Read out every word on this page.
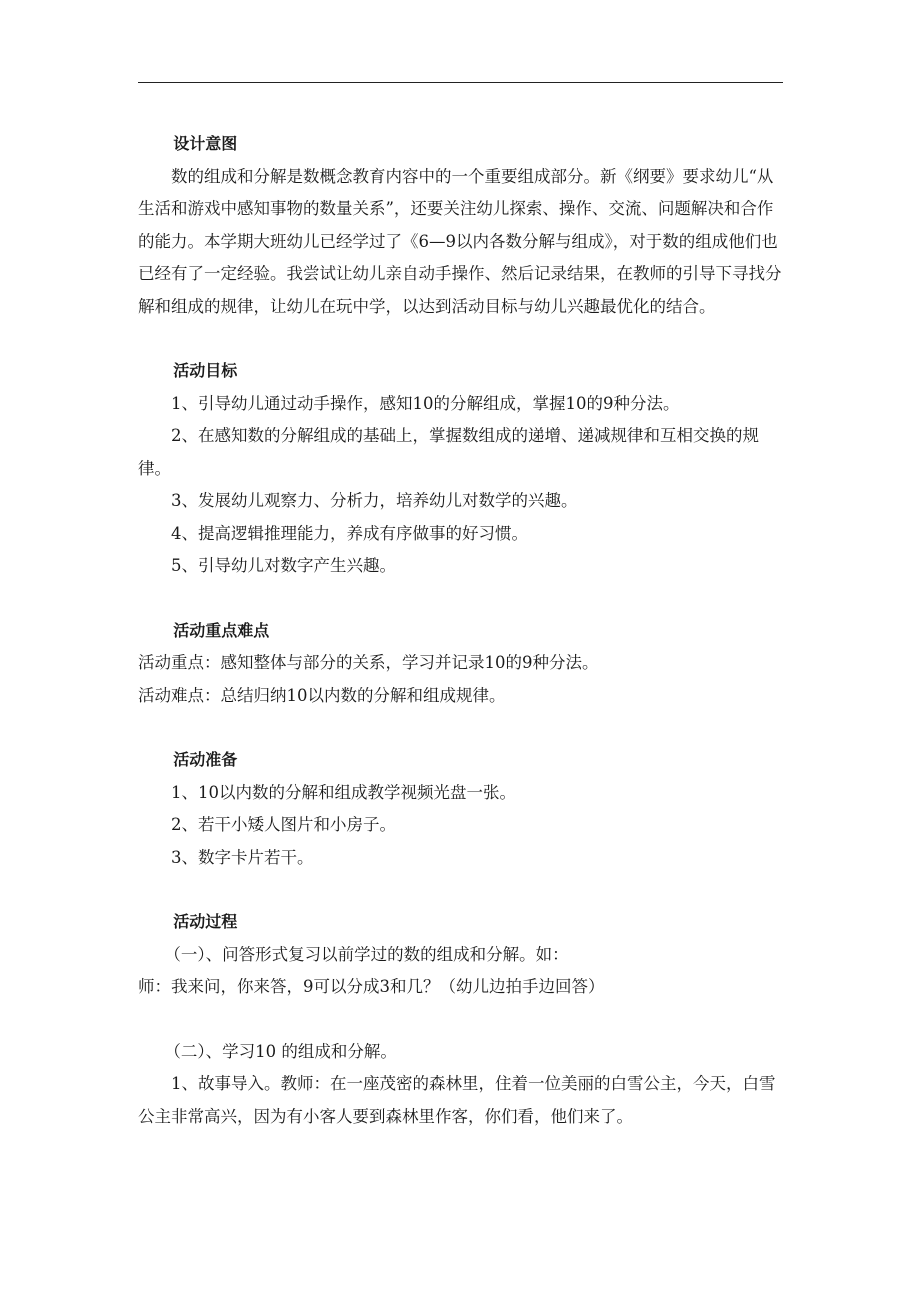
设计意图

数的组成和分解是数概念教育内容中的一个重要组成部分。新《纲要》要求幼儿“从生活和游戏中感知事物的数量关系”，还要关注幼儿探索、操作、交流、问题解决和合作的能力。本学期大班幼儿已经学过了《6—9以内各数分解与组成》，对于数的组成他们也已经有了一定经验。我尝试让幼儿亲自动手操作、然后记录结果，在教师的引导下寻找分解和组成的规律，让幼儿在玩中学，以达到活动目标与幼儿兴趣最优化的结合。

活动目标

1、引导幼儿通过动手操作，感知10的分解组成，掌握10的9种分法。

2、在感知数的分解组成的基础上，掌握数组成的递增、递减规律和互相交换的规律。

3、发展幼儿观察力、分析力，培养幼儿对数学的兴趣。

4、提高逻辑推理能力，养成有序做事的好习惯。

5、引导幼儿对数字产生兴趣。

活动重点难点

活动重点：感知整体与部分的关系，学习并记录10的9种分法。

活动难点：总结归纳10以内数的分解和组成规律。

活动准备

1、10以内数的分解和组成教学视频光盘一张。

2、若干小矮人图片和小房子。

3、数字卡片若干。

活动过程

（一）、问答形式复习以前学过的数的组成和分解。如：

师：我来问，你来答，9可以分成3和几？（幼儿边拍手边回答）

（二）、学习10 的组成和分解。

1、故事导入。教师：在一座茂密的森林里，住着一位美丽的白雪公主，今天，白雪公主非常高兴，因为有小客人要到森林里作客，你们看，他们来了。
